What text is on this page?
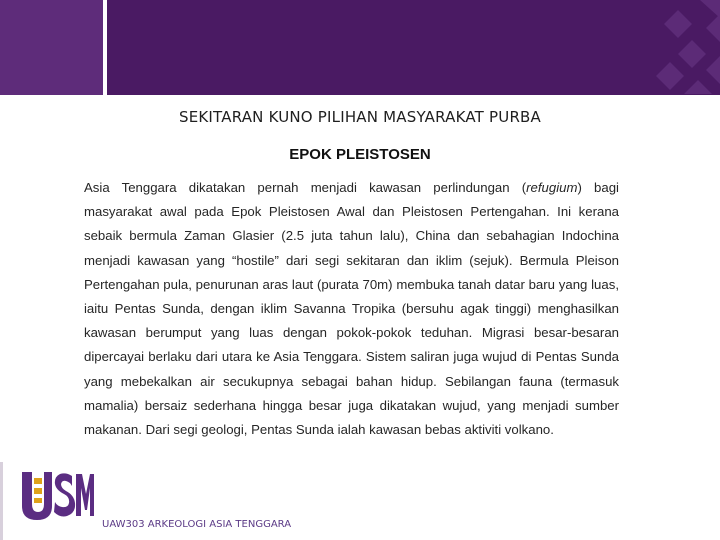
SEKITARAN KUNO PILIHAN MASYARAKAT PURBA
EPOK PLEISTOSEN

Asia Tenggara dikatakan pernah menjadi kawasan perlindungan (refugium) bagi masyarakat awal pada Epok Pleistosen Awal dan Pleistosen Pertengahan. Ini kerana sebaik bermula Zaman Glasier (2.5 juta tahun lalu), China dan sebahagian Indochina menjadi kawasan yang “hostile” dari segi sekitaran dan iklim (sejuk). Bermula Pleison Pertengahan pula, penurunan aras laut (purata 70m) membuka tanah datar baru yang luas, iaitu Pentas Sunda, dengan iklim Savanna Tropika (bersuhu agak tinggi) menghasilkan kawasan berumput yang luas dengan pokok-pokok teduhan. Migrasi besar-besaran dipercayai berlaku dari utara ke Asia Tenggara. Sistem saliran juga wujud di Pentas Sunda yang mebekalkan air secukupnya sebagai bahan hidup. Sebilangan fauna (termasuk mamalia) bersaiz sederhana hingga besar juga dikatakan wujud, yang menjadi sumber makanan. Dari segi geologi, Pentas Sunda ialah kawasan bebas aktiviti volkano.

UAW303 ARKEOLOGI ASIA TENGGARA
